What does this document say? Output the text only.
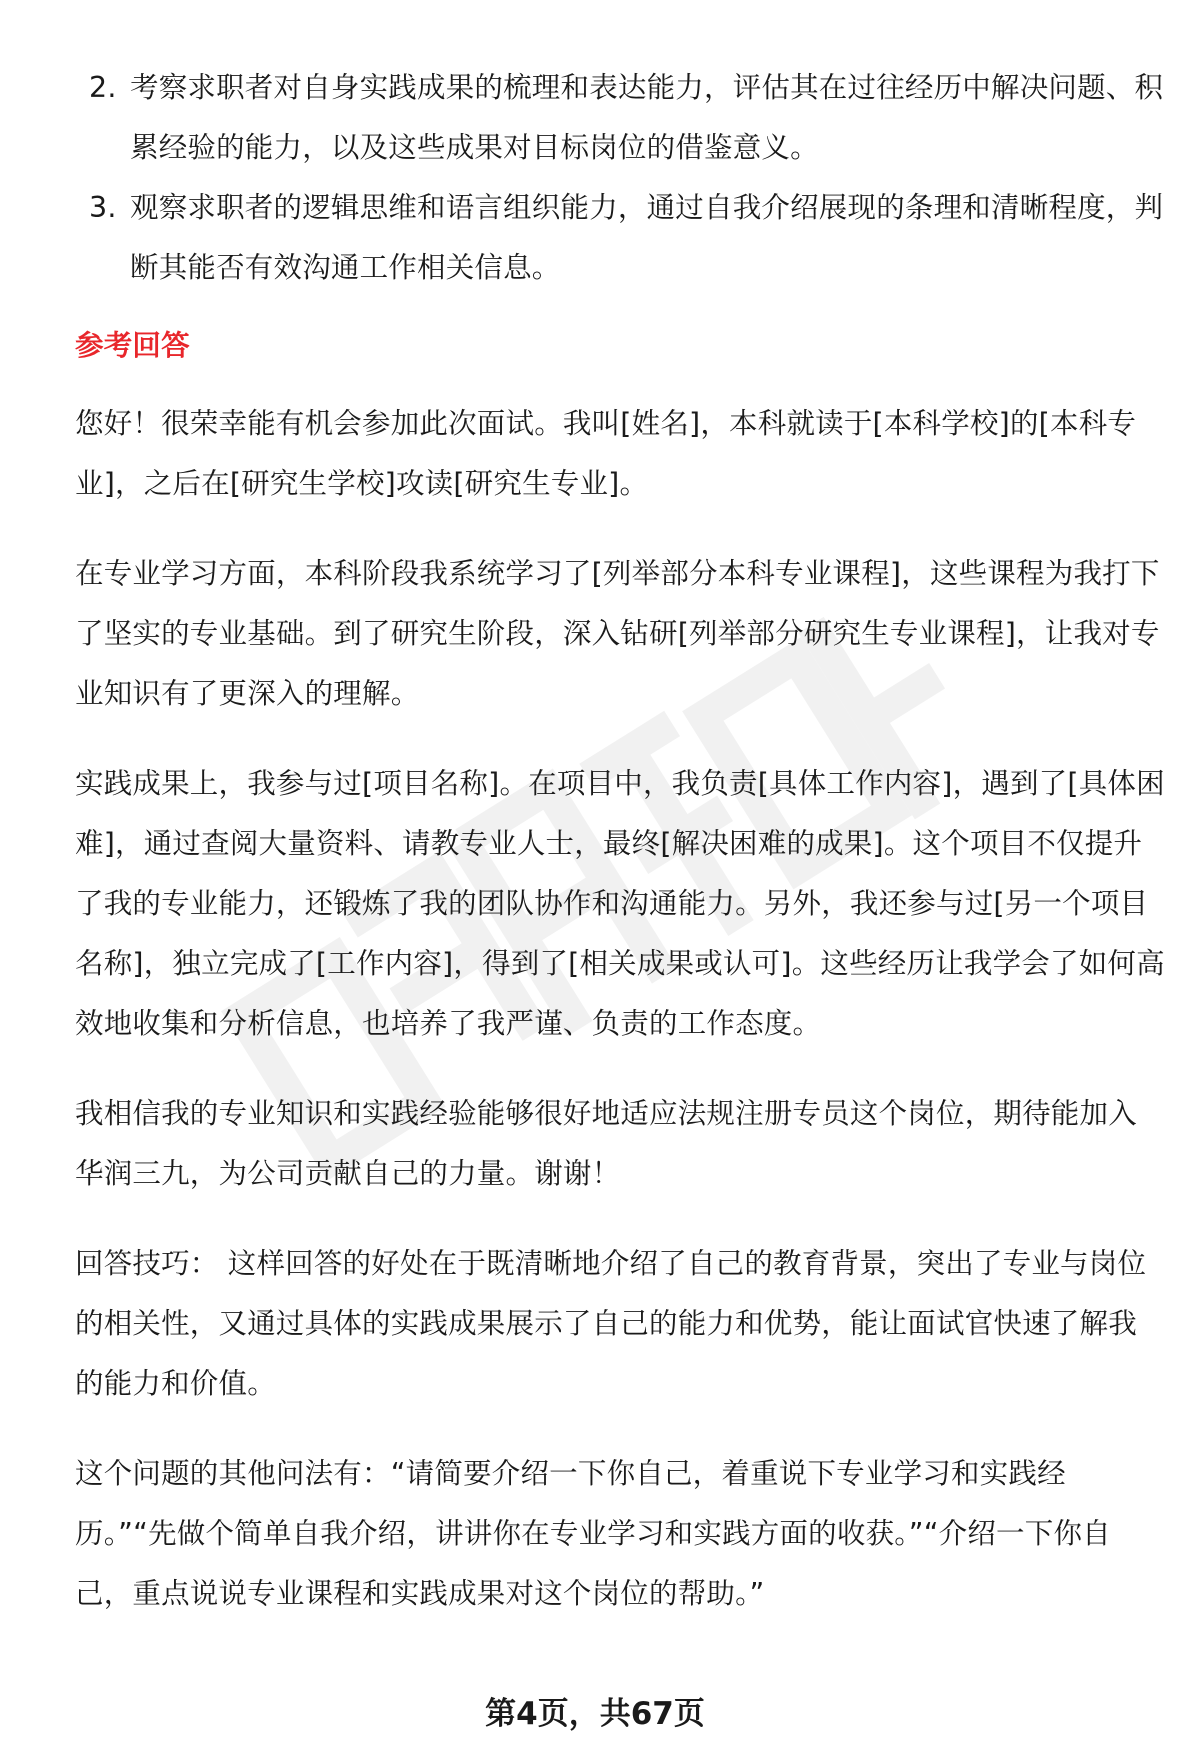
2. 考察求职者对自身实践成果的梳理和表达能力，评估其在过往经历中解决问题、积累经验的能力，以及这些成果对目标岗位的借鉴意义。
3. 观察求职者的逻辑思维和语言组织能力，通过自我介绍展现的条理和清晰程度，判断其能否有效沟通工作相关信息。
参考回答

您好！很荣幸能有机会参加此次面试。我叫[姓名]，本科就读于[本科学校]的[本科专业]，之后在[研究生学校]攻读[研究生专业]。

在专业学习方面，本科阶段我系统学习了[列举部分本科专业课程]，这些课程为我打下了坚实的专业基础。到了研究生阶段，深入钻研[列举部分研究生专业课程]，让我对专业知识有了更深入的理解。

实践成果上，我参与过[项目名称]。在项目中，我负责[具体工作内容]，遇到了[具体困难]，通过查阅大量资料、请教专业人士，最终[解决困难的成果]。这个项目不仅提升了我的专业能力，还锻炼了我的团队协作和沟通能力。另外，我还参与过[另一个项目名称]，独立完成了[工作内容]，得到了[相关成果或认可]。这些经历让我学会了如何高效地收集和分析信息，也培养了我严谨、负责的工作态度。

我相信我的专业知识和实践经验能够很好地适应法规注册专员这个岗位，期待能加入华润三九，为公司贡献自己的力量。谢谢！

回答技巧： 这样回答的好处在于既清晰地介绍了自己的教育背景，突出了专业与岗位的相关性，又通过具体的实践成果展示了自己的能力和优势，能让面试官快速了解我的能力和价值。

这个问题的其他问法有：“请简要介绍一下你自己，着重说下专业学习和实践经历。”“先做个简单自我介绍，讲讲你在专业学习和实践方面的收获。”“介绍一下你自己，重点说说专业课程和实践成果对这个岗位的帮助。”

第4页，共67页
